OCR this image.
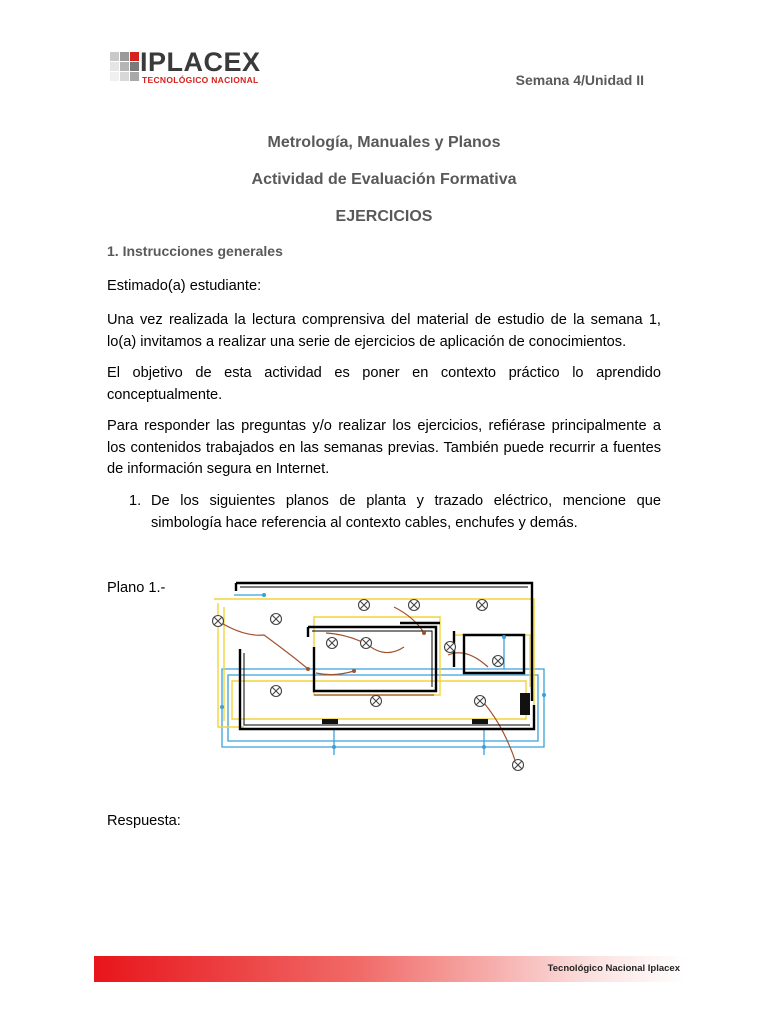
IPLACEX
TECNOLÓGICO NACIONAL	Semana 4/Unidad II
Metrología, Manuales y Planos
Actividad de Evaluación Formativa
EJERCICIOS
1. Instrucciones generales
Estimado(a) estudiante:
Una vez realizada la lectura comprensiva del material de estudio de la semana 1, lo(a) invitamos a realizar una serie de ejercicios de aplicación de conocimientos.
El objetivo de esta actividad es poner en contexto práctico lo aprendido conceptualmente.
Para responder las preguntas y/o realizar los ejercicios, refiérase principalmente a los contenidos trabajados en las semanas previas. También puede recurrir a fuentes de información segura en Internet.
1. De los siguientes planos de planta y trazado eléctrico, mencione que simbología hace referencia al contexto cables, enchufes y demás.
Plano 1.-
Respuesta:
Tecnológico Nacional Iplacex
